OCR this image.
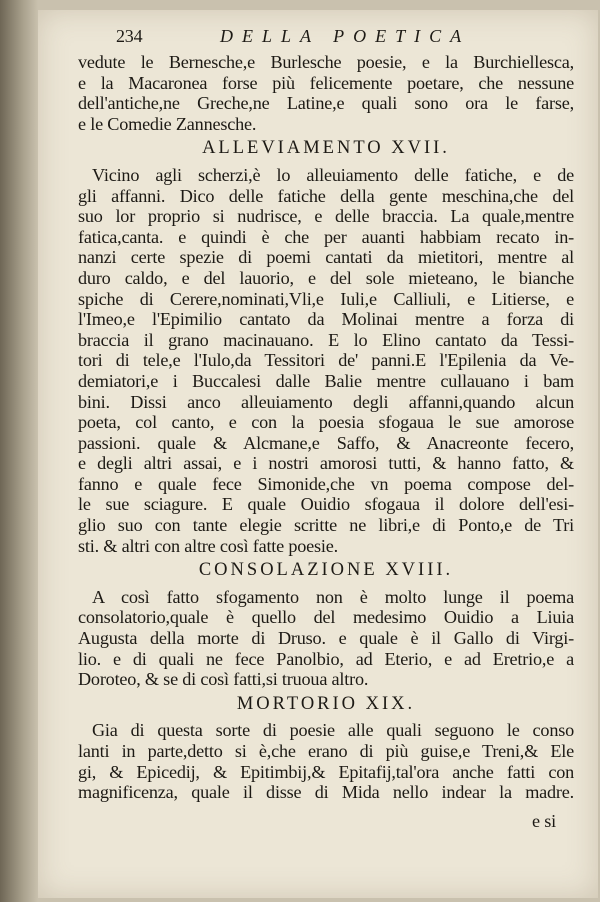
234	DELLA POETICA
vedute le Bernesche,e Burlesche poesie, e la Burchiellesca,
e la Macaronea forse più felicemente poetare, che nessune
dell'antiche,ne Greche,ne Latine,e quali sono ora le farse,
e le Comedie Zannesche.
ALLEVIAMENTO XVII.
Vicino agli scherzi,è lo alleuiamento delle fatiche, e de
gli affanni. Dico delle fatiche della gente meschina,che del
suo lor proprio si nudrisce, e delle braccia. La quale,mentre
fatica,canta. e quindi è che per auanti habbiam recato in-
nanzi certe spezie di poemi cantati da mietitori, mentre al
duro caldo, e del lauorio, e del sole mieteano, le bianche
spiche di Cerere,nominati,Vli,e Iuli,e Calliuli, e Litierse, e
l'Imeo,e l'Epimilio cantato da Molinai mentre a forza di
braccia il grano macinauano. E lo Elino cantato da Tessi-
tori di tele,e l'Iulo,da Tessitori de' panni.E l'Epilenia da Ve-
demiatori,e i Buccalesi dalle Balie mentre cullauano i bam
bini. Dissi anco alleuiamento degli affanni,quando alcun
poeta, col canto, e con la poesia sfogaua le sue amorose
passioni. quale & Alcmane,e Saffo, & Anacreonte fecero,
e degli altri assai, e i nostri amorosi tutti, & hanno fatto, &
fanno e quale fece Simonide,che vn poema compose del-
le sue sciagure. E quale Ouidio sfogaua il dolore dell'esi-
glio suo con tante elegie scritte ne libri,e di Ponto,e de Tri
sti. & altri con altre così fatte poesie.
CONSOLAZIONE XVIII.
A così fatto sfogamento non è molto lunge il poema
consolatorio,quale è quello del medesimo Ouidio a Liuia
Augusta della morte di Druso. e quale è il Gallo di Virgi-
lio. e di quali ne fece Panolbio, ad Eterio, e ad Eretrio,e a
Doroteo, & se di così fatti,si truoua altro.
MORTORIO XIX.
Gia di questa sorte di poesie alle quali seguono le conso
lanti in parte,detto si è,che erano di più guise,e Treni,& Ele
gi, & Epicedij, & Epitimbij,& Epitafij,tal'ora anche fatti con
magnificenza, quale il disse di Mida nello indear la madre.
e si
